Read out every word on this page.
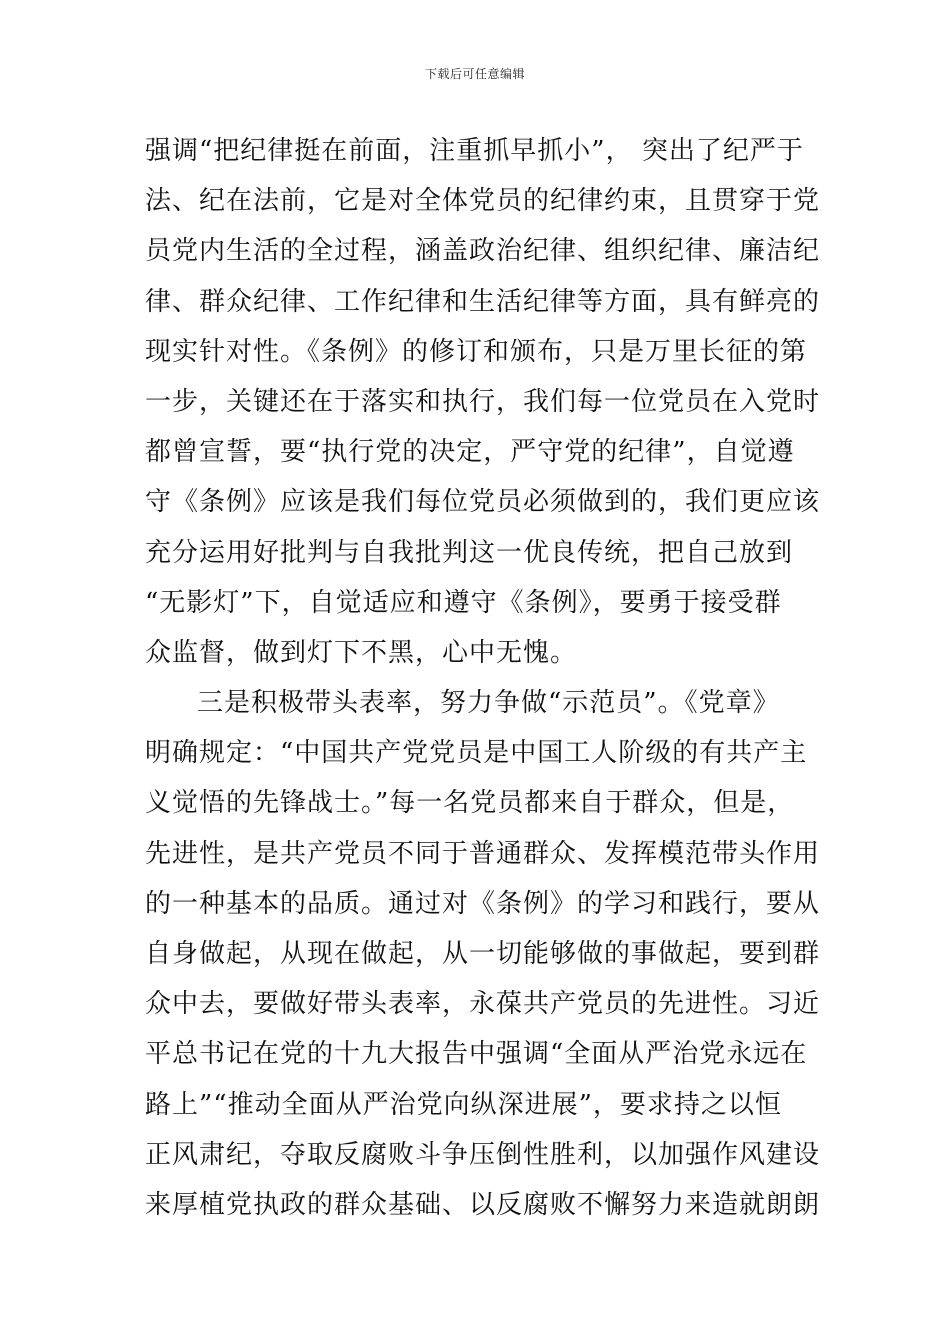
下载后可任意编辑
强调“把纪律挺在前面，注重抓早抓小”， 突出了纪严于
法、纪在法前，它是对全体党员的纪律约束，且贯穿于党
员党内生活的全过程，涵盖政治纪律、组织纪律、廉洁纪
律、群众纪律、工作纪律和生活纪律等方面，具有鲜亮的
现实针对性。《条例》的修订和颁布，只是万里长征的第
一步，关键还在于落实和执行，我们每一位党员在入党时
都曾宣誓，要“执行党的决定，严守党的纪律”，自觉遵
守《条例》应该是我们每位党员必须做到的，我们更应该
充分运用好批判与自我批判这一优良传统，把自己放到
“无影灯”下，自觉适应和遵守《条例》，要勇于接受群
众监督，做到灯下不黑，心中无愧。
三是积极带头表率，努力争做“示范员”。《党章》
明确规定：“中国共产党党员是中国工人阶级的有共产主
义觉悟的先锋战士。”每一名党员都来自于群众，但是，
先进性，是共产党员不同于普通群众、发挥模范带头作用
的一种基本的品质。通过对《条例》的学习和践行，要从
自身做起，从现在做起，从一切能够做的事做起，要到群
众中去，要做好带头表率，永葆共产党员的先进性。习近
平总书记在党的十九大报告中强调“全面从严治党永远在
路上”“推动全面从严治党向纵深进展”，要求持之以恒
正风肃纪，夺取反腐败斗争压倒性胜利，以加强作风建设
来厚植党执政的群众基础、以反腐败不懈努力来造就朗朗
